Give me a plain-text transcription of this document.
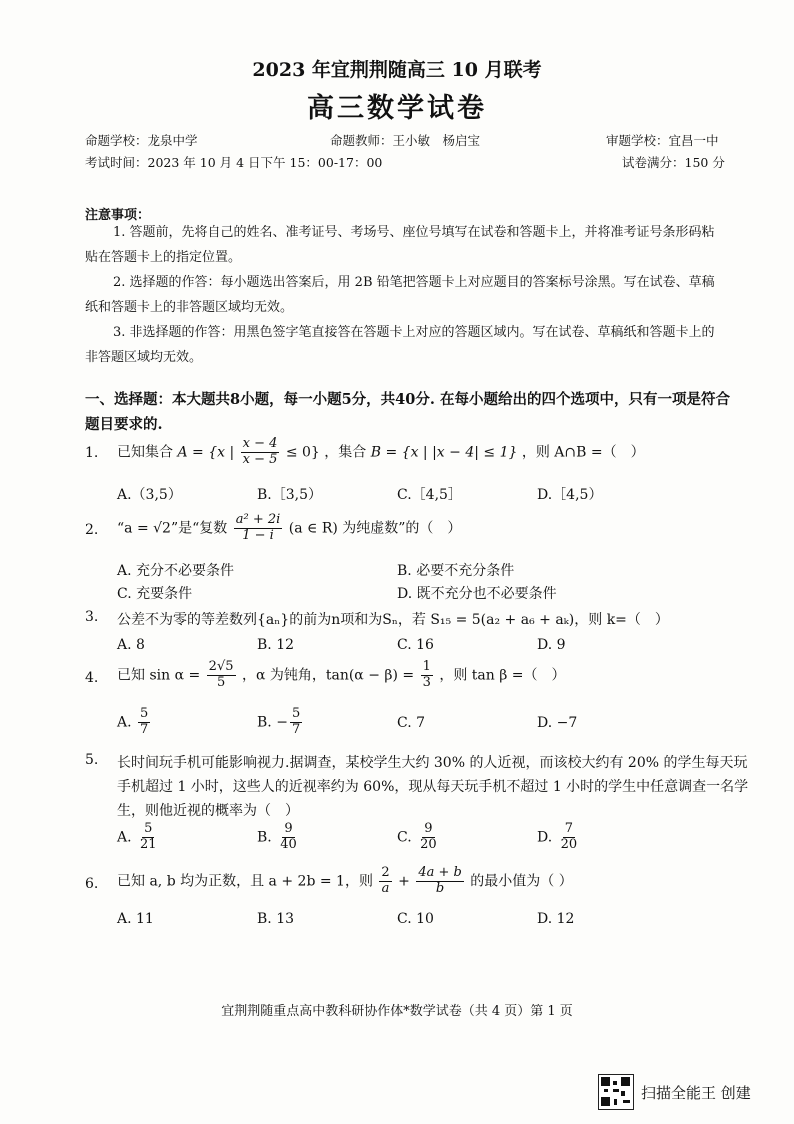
2023 年宜荆荆随高三 10 月联考
高三数学试卷
命题学校：龙泉中学	命题教师：王小敏　杨启宝	审题学校：宜昌一中
考试时间：2023 年 10 月 4 日下午 15：00-17：00	试卷满分：150 分
注意事项：
1. 答题前，先将自己的姓名、准考证号、考场号、座位号填写在试卷和答题卡上，并将准考证号条形码粘贴在答题卡上的指定位置。
2. 选择题的作答：每小题选出答案后，用 2B 铅笔把答题卡上对应题目的答案标号涂黑。写在试卷、草稿纸和答题卡上的非答题区域均无效。
3. 非选择题的作答：用黑色签字笔直接答在答题卡上对应的答题区域内。写在试卷、草稿纸和答题卡上的非答题区域均无效。
一、选择题：本大题共8小题，每一小题5分，共40分. 在每小题给出的四个选项中，只有一项是符合题目要求的.
1. 已知集合 A = {x | $\frac{x - 4}{x - 5} \le 0$} ，集合 B = {x | |x − 4| ≤ 1} ，则 A∩B =（　）
A.（3,5）	B.［3,5）	C.［4,5］	D.［4,5）
2. “a = √2”是“复数 $\frac{\text{a² + 2i}}{1 - i} (a$ ∈ R) 为纯虚数”的（　）
A. 充分不必要条件	B. 必要不充分条件
C. 充要条件	D. 既不充分也不必要条件
3. 公差不为零的等差数列{aₙ}的前为n项和为Sₙ，若 S₁₅ = 5(a₂ + a₆ + aₖ)，则 k=（　）
A. 8	B. 12	C. 16	D. 9
4. 已知 $\sin \alpha = \frac{2√5}{5}$ ，α 为钝角，$\tan(\alpha - \beta) = \frac{1}{3}$ ，则 tan β =（　）
A. $\frac{5}{7}$	B. − $\frac{5}{7}$	C. 7	D. −7
5. 长时间玩手机可能影响视力.据调查，某校学生大约 30% 的人近视，而该校大约有 20% 的学生每天玩
手机超过 1 小时，这些人的近视率约为 60%，现从每天玩手机不超过 1 小时的学生中任意调查一名学
生，则他近视的概率为（　）
A. $\frac{5}{21}$	B. $\frac{9}{40}$	C. $\frac{9}{20}$	D. $\frac{7}{20}$
6. 已知 a, b 均为正数，且 a + 2b = 1，则 $\frac{2}{a} + \frac{4a + b}{b}$ 的最小值为（ ）
A. 11	B. 13	C. 10	D. 12
宜荆荆随重点高中教科研协作体*数学试卷（共 4 页）第 1 页
扫描全能王 创建
